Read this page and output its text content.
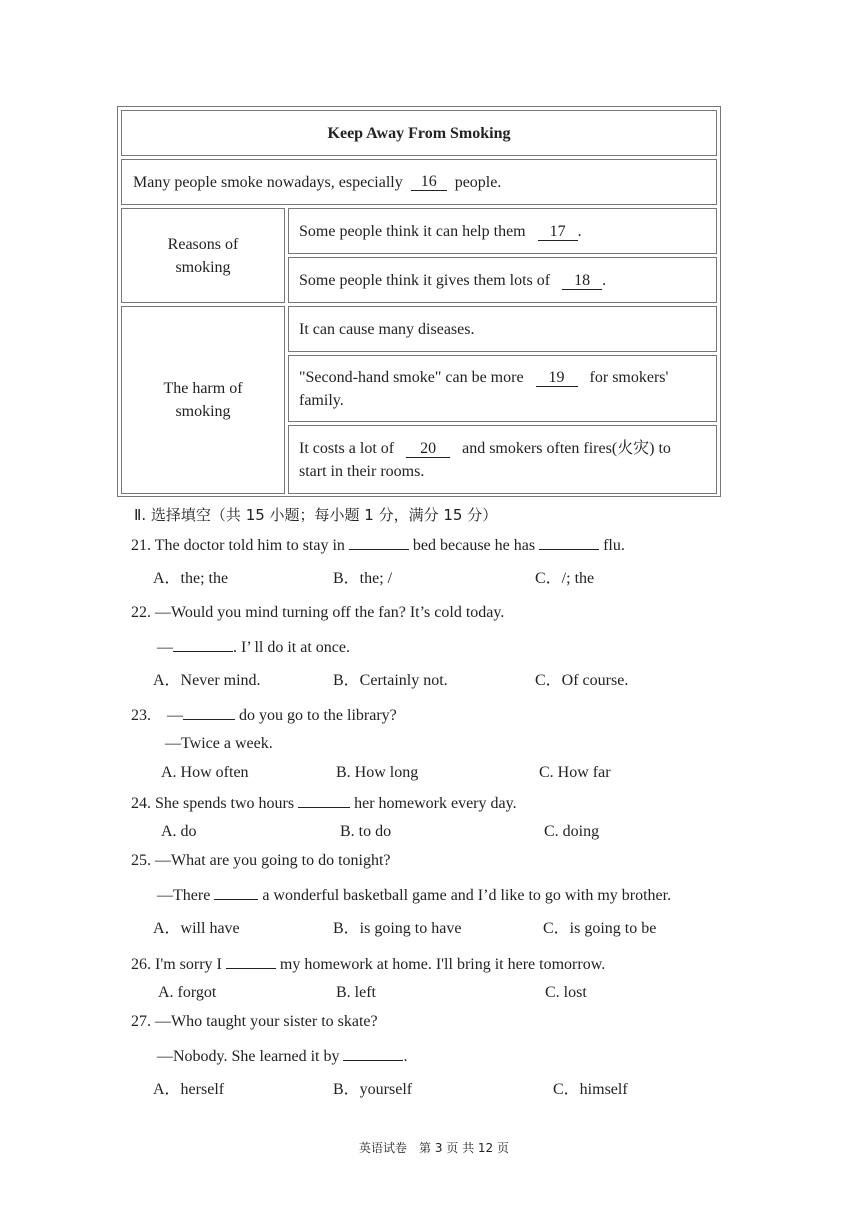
Keep Away From Smoking
Many people smoke nowadays, especially
	16
	people.
Reasons of smoking
Some people think it can help them 17 .
Some people think it gives them lots of 18 .
The harm of smoking
It can cause many diseases.
"Second-hand smoke" can be more 19 for smokers' family.
It costs a lot of 20 and smokers often fires(火灾) to start in their rooms.
Ⅱ. 选择填空（共 15 小题；每小题 1 分，满分 15 分）
21. The doctor told him to stay in	bed because he has	flu.
A．the; the	B．the; /	C．/; the
22. —Would you mind turning off the fan? It’s cold today.
—	. I’ ll do it at once.
A．Never mind.	B．Certainly not.	C．Of course.
23. —	do you go to the library?
—Twice a week.
A. How often	B. How long	C. How far
24. She spends two hours	her homework every day.
A. do	B. to do	C. doing
25. —What are you going to do tonight?
—There	a wonderful basketball game and I’d like to go with my brother.
A．will have	B．is going to have	C．is going to be
26. I'm sorry I	my homework at home. I'll bring it here tomorrow.
A. forgot	B. left	C. lost
27. —Who taught your sister to skate?
—Nobody. She learned it by	.
A．herself	B．yourself	C．himself
英语试卷　第 3 页 共 12 页
